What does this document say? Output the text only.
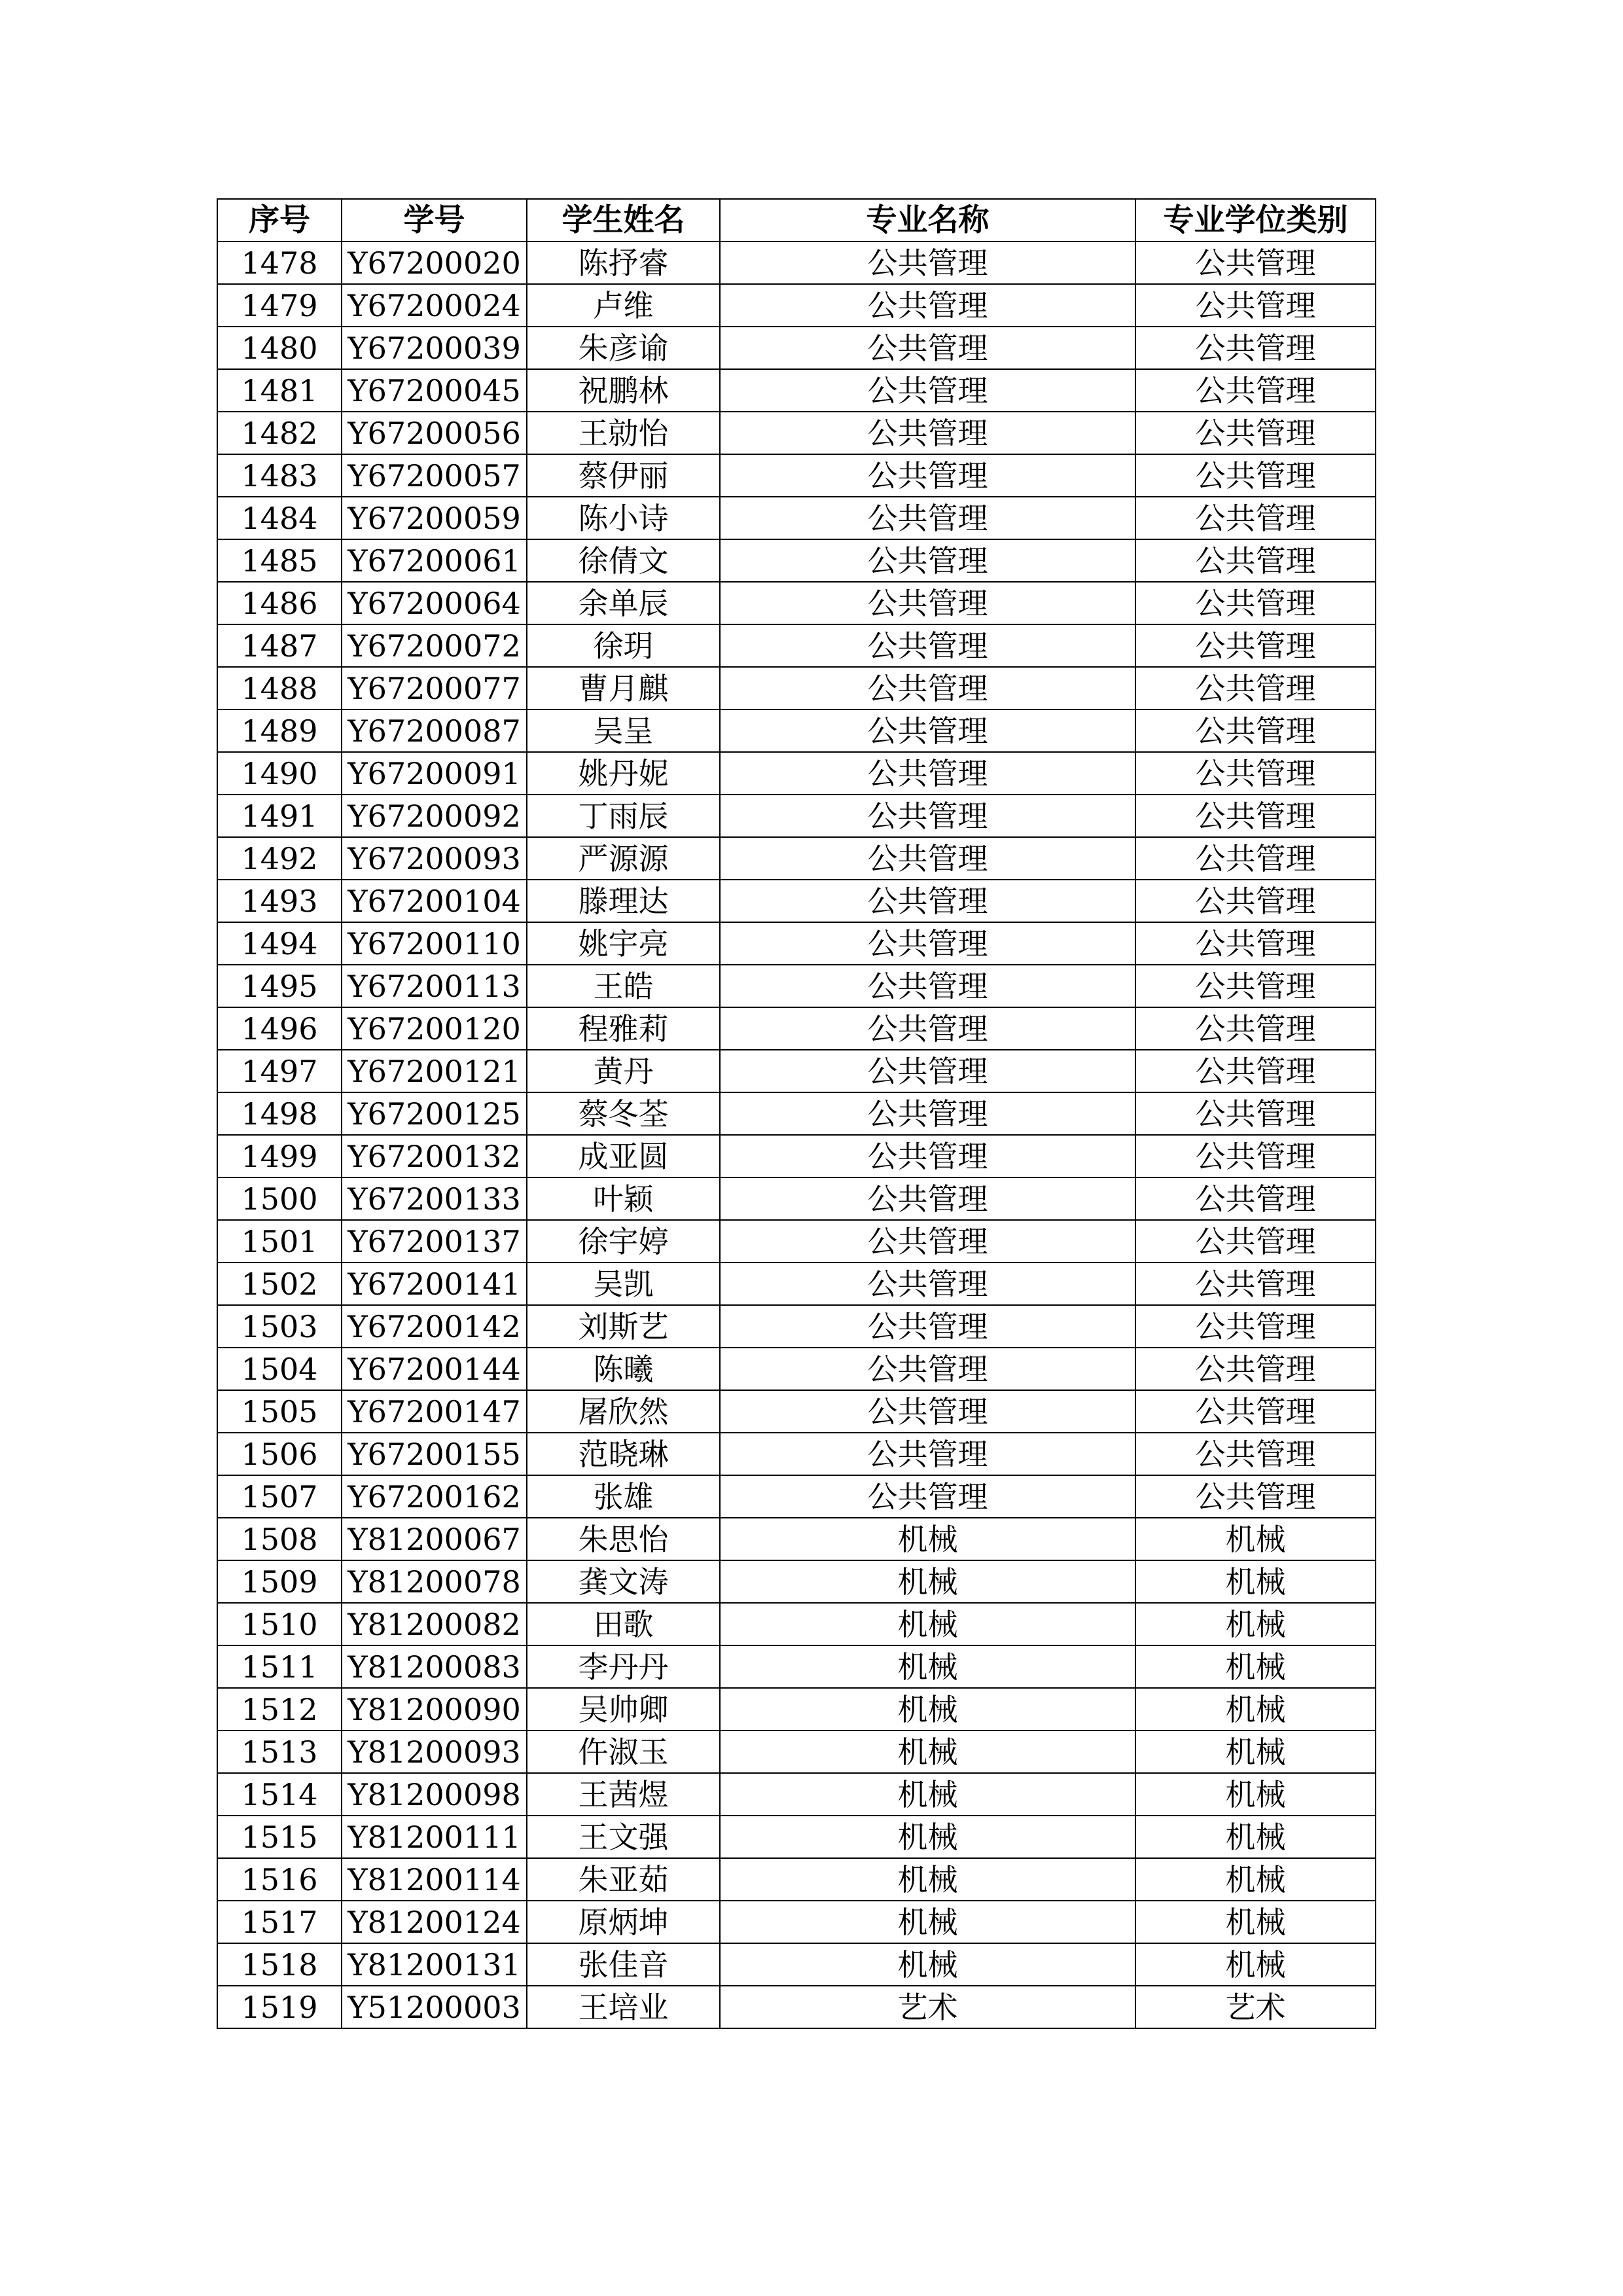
序号	学号	学生姓名	专业名称	专业学位类别
1478	Y67200020	陈抒睿	公共管理	公共管理
1479	Y67200024	卢维	公共管理	公共管理
1480	Y67200039	朱彦谕	公共管理	公共管理
1481	Y67200045	祝鹏林	公共管理	公共管理
1482	Y67200056	王勍怡	公共管理	公共管理
1483	Y67200057	蔡伊丽	公共管理	公共管理
1484	Y67200059	陈小诗	公共管理	公共管理
1485	Y67200061	徐倩文	公共管理	公共管理
1486	Y67200064	余单辰	公共管理	公共管理
1487	Y67200072	徐玥	公共管理	公共管理
1488	Y67200077	曹月麒	公共管理	公共管理
1489	Y67200087	吴呈	公共管理	公共管理
1490	Y67200091	姚丹妮	公共管理	公共管理
1491	Y67200092	丁雨辰	公共管理	公共管理
1492	Y67200093	严源源	公共管理	公共管理
1493	Y67200104	滕理达	公共管理	公共管理
1494	Y67200110	姚宇亮	公共管理	公共管理
1495	Y67200113	王皓	公共管理	公共管理
1496	Y67200120	程雅莉	公共管理	公共管理
1497	Y67200121	黄丹	公共管理	公共管理
1498	Y67200125	蔡冬荃	公共管理	公共管理
1499	Y67200132	成亚圆	公共管理	公共管理
1500	Y67200133	叶颖	公共管理	公共管理
1501	Y67200137	徐宇婷	公共管理	公共管理
1502	Y67200141	吴凯	公共管理	公共管理
1503	Y67200142	刘斯艺	公共管理	公共管理
1504	Y67200144	陈曦	公共管理	公共管理
1505	Y67200147	屠欣然	公共管理	公共管理
1506	Y67200155	范晓琳	公共管理	公共管理
1507	Y67200162	张雄	公共管理	公共管理
1508	Y81200067	朱思怡	机械	机械
1509	Y81200078	龚文涛	机械	机械
1510	Y81200082	田歌	机械	机械
1511	Y81200083	李丹丹	机械	机械
1512	Y81200090	吴帅卿	机械	机械
1513	Y81200093	仵淑玉	机械	机械
1514	Y81200098	王茜煜	机械	机械
1515	Y81200111	王文强	机械	机械
1516	Y81200114	朱亚茹	机械	机械
1517	Y81200124	原炳坤	机械	机械
1518	Y81200131	张佳音	机械	机械
1519	Y51200003	王培业	艺术	艺术
